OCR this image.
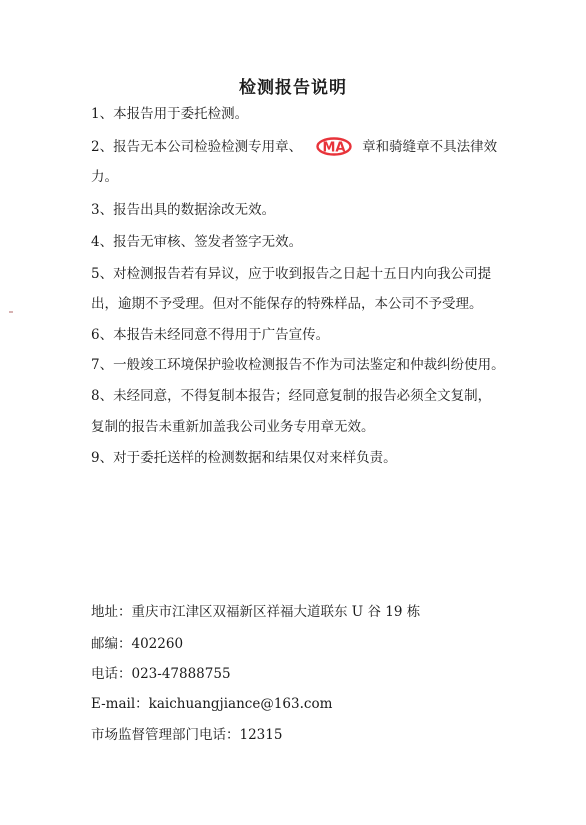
检测报告说明
1、本报告用于委托检测。
2、报告无本公司检验检测专用章、 MA 章和骑缝章不具法律效
力。
3、报告出具的数据涂改无效。
4、报告无审核、签发者签字无效。
5、对检测报告若有异议，应于收到报告之日起十五日内向我公司提
出，逾期不予受理。但对不能保存的特殊样品，本公司不予受理。
6、本报告未经同意不得用于广告宣传。
7、一般竣工环境保护验收检测报告不作为司法鉴定和仲裁纠纷使用。
8、未经同意，不得复制本报告；经同意复制的报告必须全文复制，
复制的报告未重新加盖我公司业务专用章无效。
9、对于委托送样的检测数据和结果仅对来样负责。
地址：重庆市江津区双福新区祥福大道联东 U 谷 19 栋
邮编：402260
电话：023-47888755
E-mail：kaichuangjiance@163.com
市场监督管理部门电话：12315
